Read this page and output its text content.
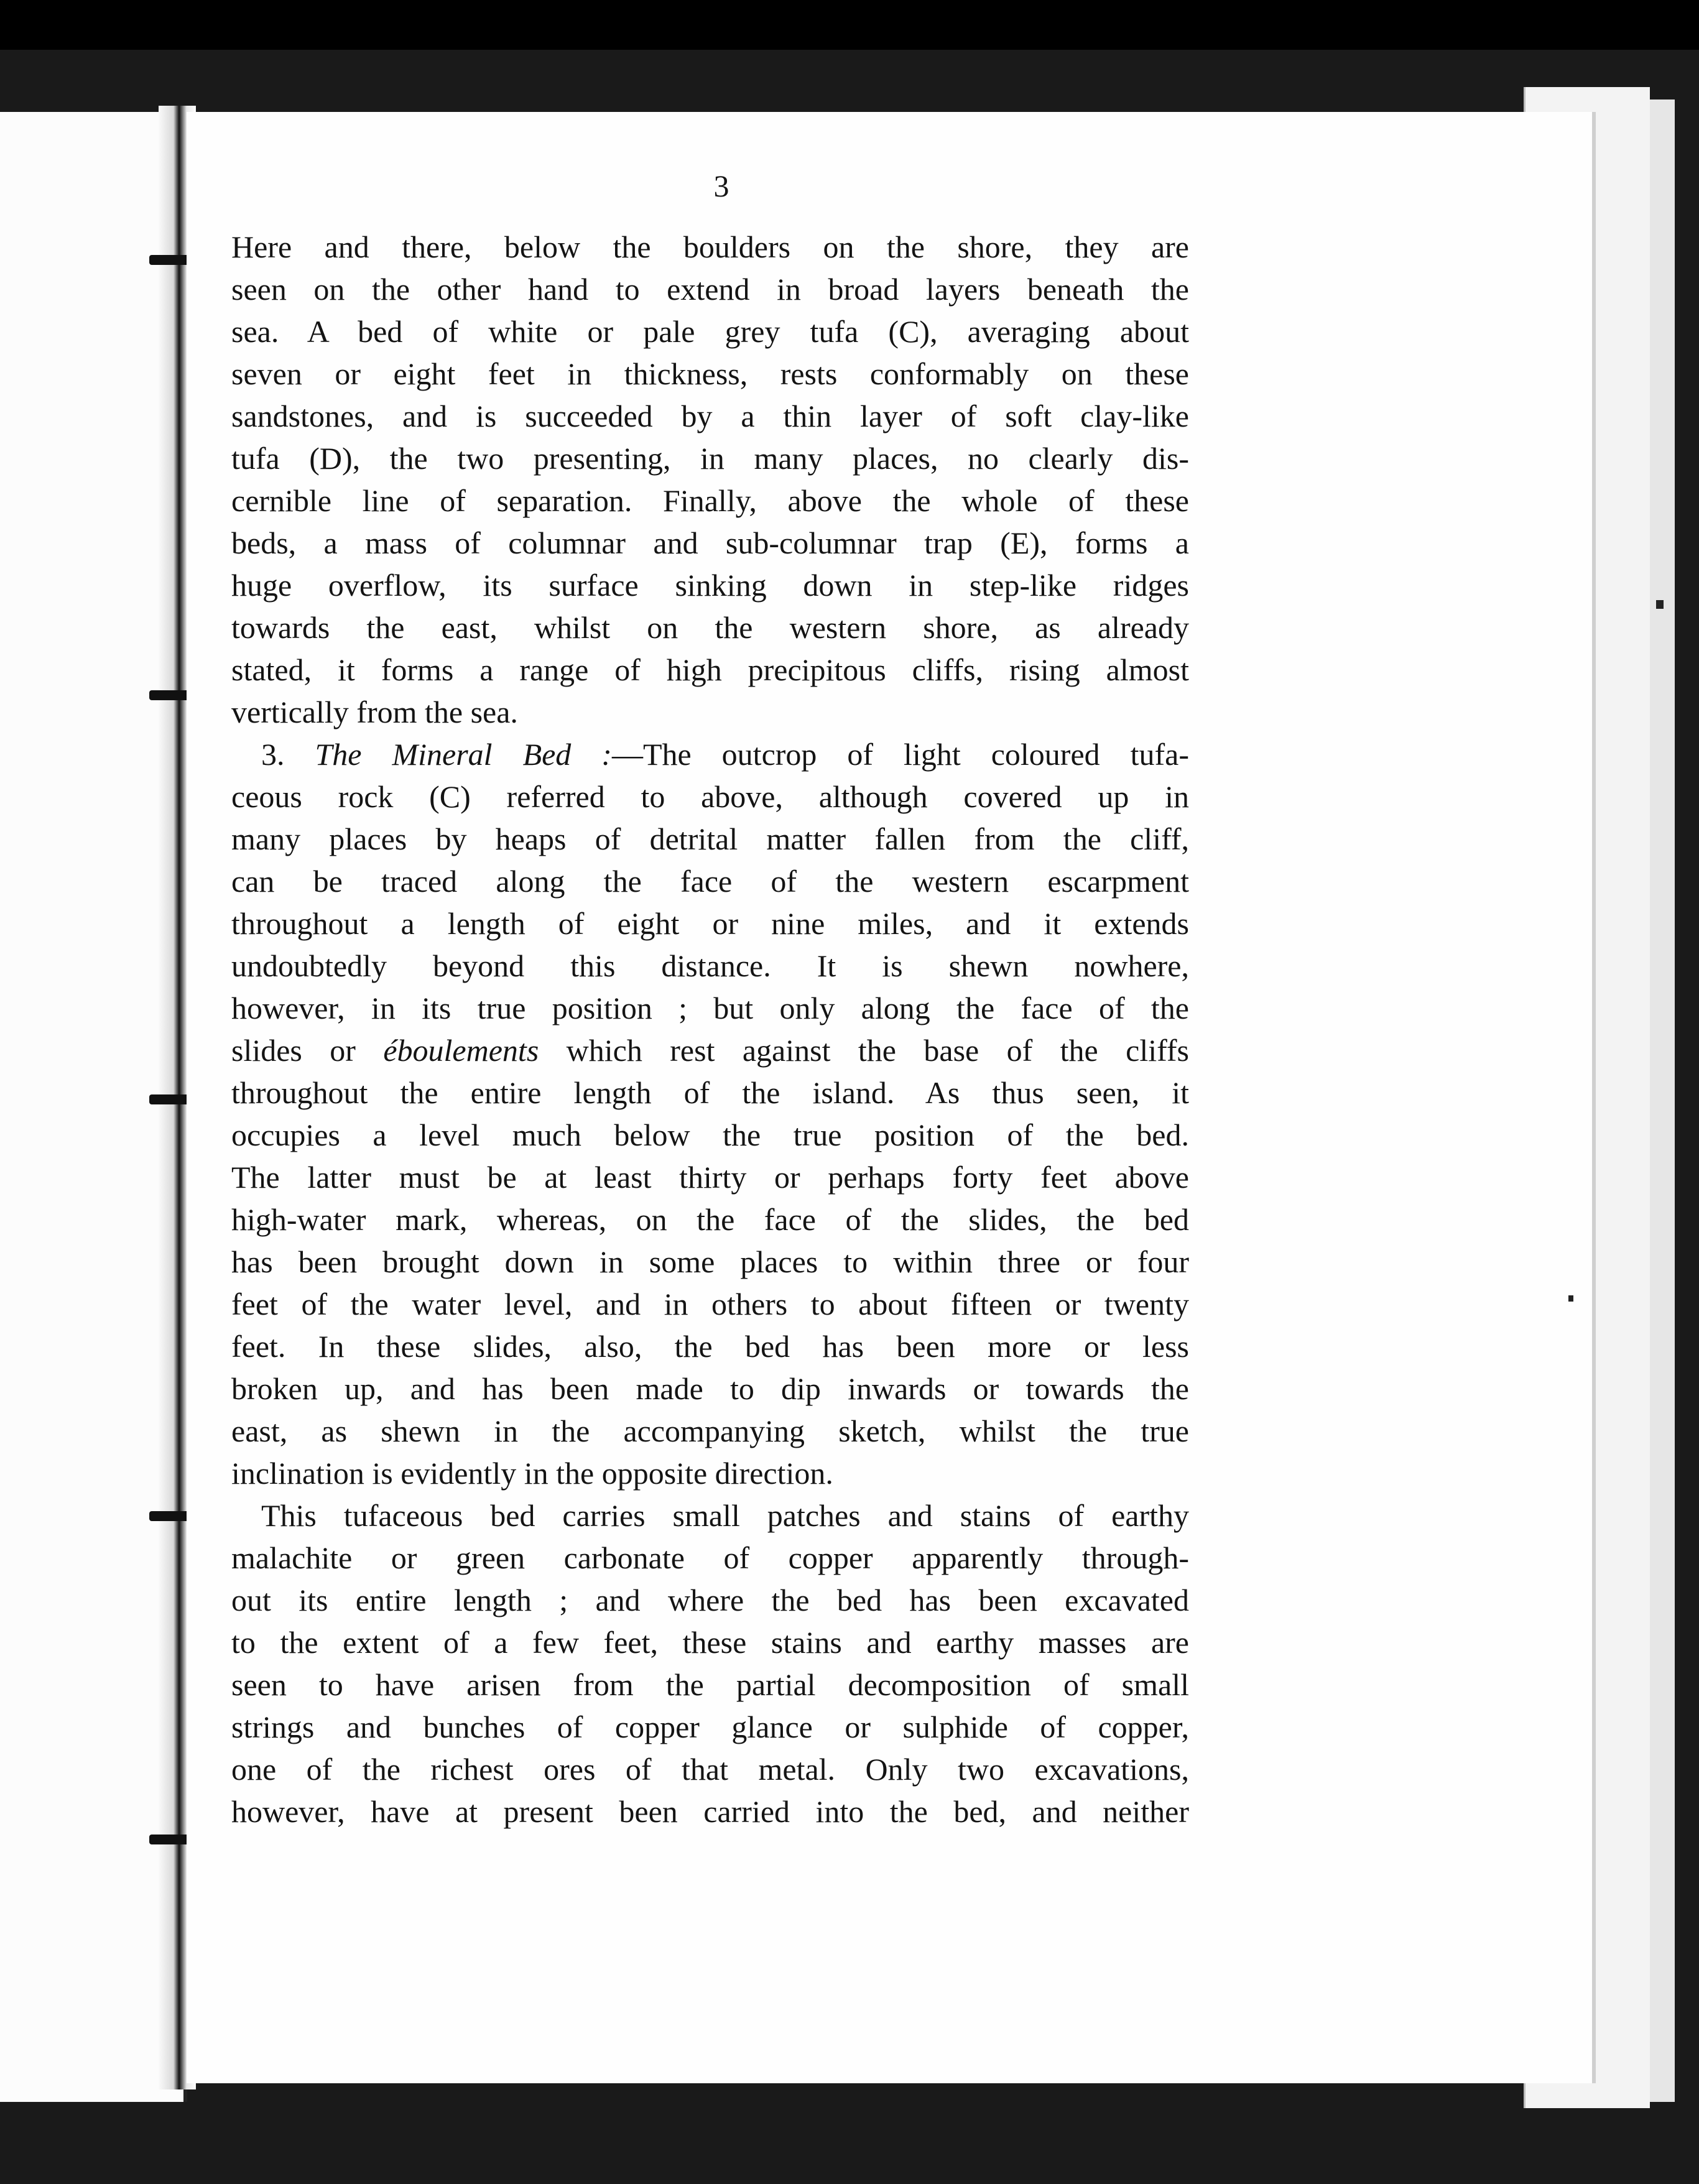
3

Here and there, below the boulders on the shore, they are
seen on the other hand to extend in broad layers beneath the
sea. A bed of white or pale grey tufa (C), averaging about
seven or eight feet in thickness, rests conformably on these
sandstones, and is succeeded by a thin layer of soft clay-like
tufa (D), the two presenting, in many places, no clearly dis-
cernible line of separation. Finally, above the whole of these
beds, a mass of columnar and sub-columnar trap (E), forms a
huge overflow, its surface sinking down in step-like ridges
towards the east, whilst on the western shore, as already
stated, it forms a range of high precipitous cliffs, rising almost
vertically from the sea.
3. The Mineral Bed :—The outcrop of light coloured tufa-
ceous rock (C) referred to above, although covered up in
many places by heaps of detrital matter fallen from the cliff,
can be traced along the face of the western escarpment
throughout a length of eight or nine miles, and it extends
undoubtedly beyond this distance. It is shewn nowhere,
however, in its true position ; but only along the face of the
slides or éboulements which rest against the base of the cliffs
throughout the entire length of the island. As thus seen, it
occupies a level much below the true position of the bed.
The latter must be at least thirty or perhaps forty feet above
high-water mark, whereas, on the face of the slides, the bed
has been brought down in some places to within three or four
feet of the water level, and in others to about fifteen or twenty
feet. In these slides, also, the bed has been more or less
broken up, and has been made to dip inwards or towards the
east, as shewn in the accompanying sketch, whilst the true
inclination is evidently in the opposite direction.
This tufaceous bed carries small patches and stains of earthy
malachite or green carbonate of copper apparently through-
out its entire length ; and where the bed has been excavated
to the extent of a few feet, these stains and earthy masses are
seen to have arisen from the partial decomposition of small
strings and bunches of copper glance or sulphide of copper,
one of the richest ores of that metal. Only two excavations,
however, have at present been carried into the bed, and neither
